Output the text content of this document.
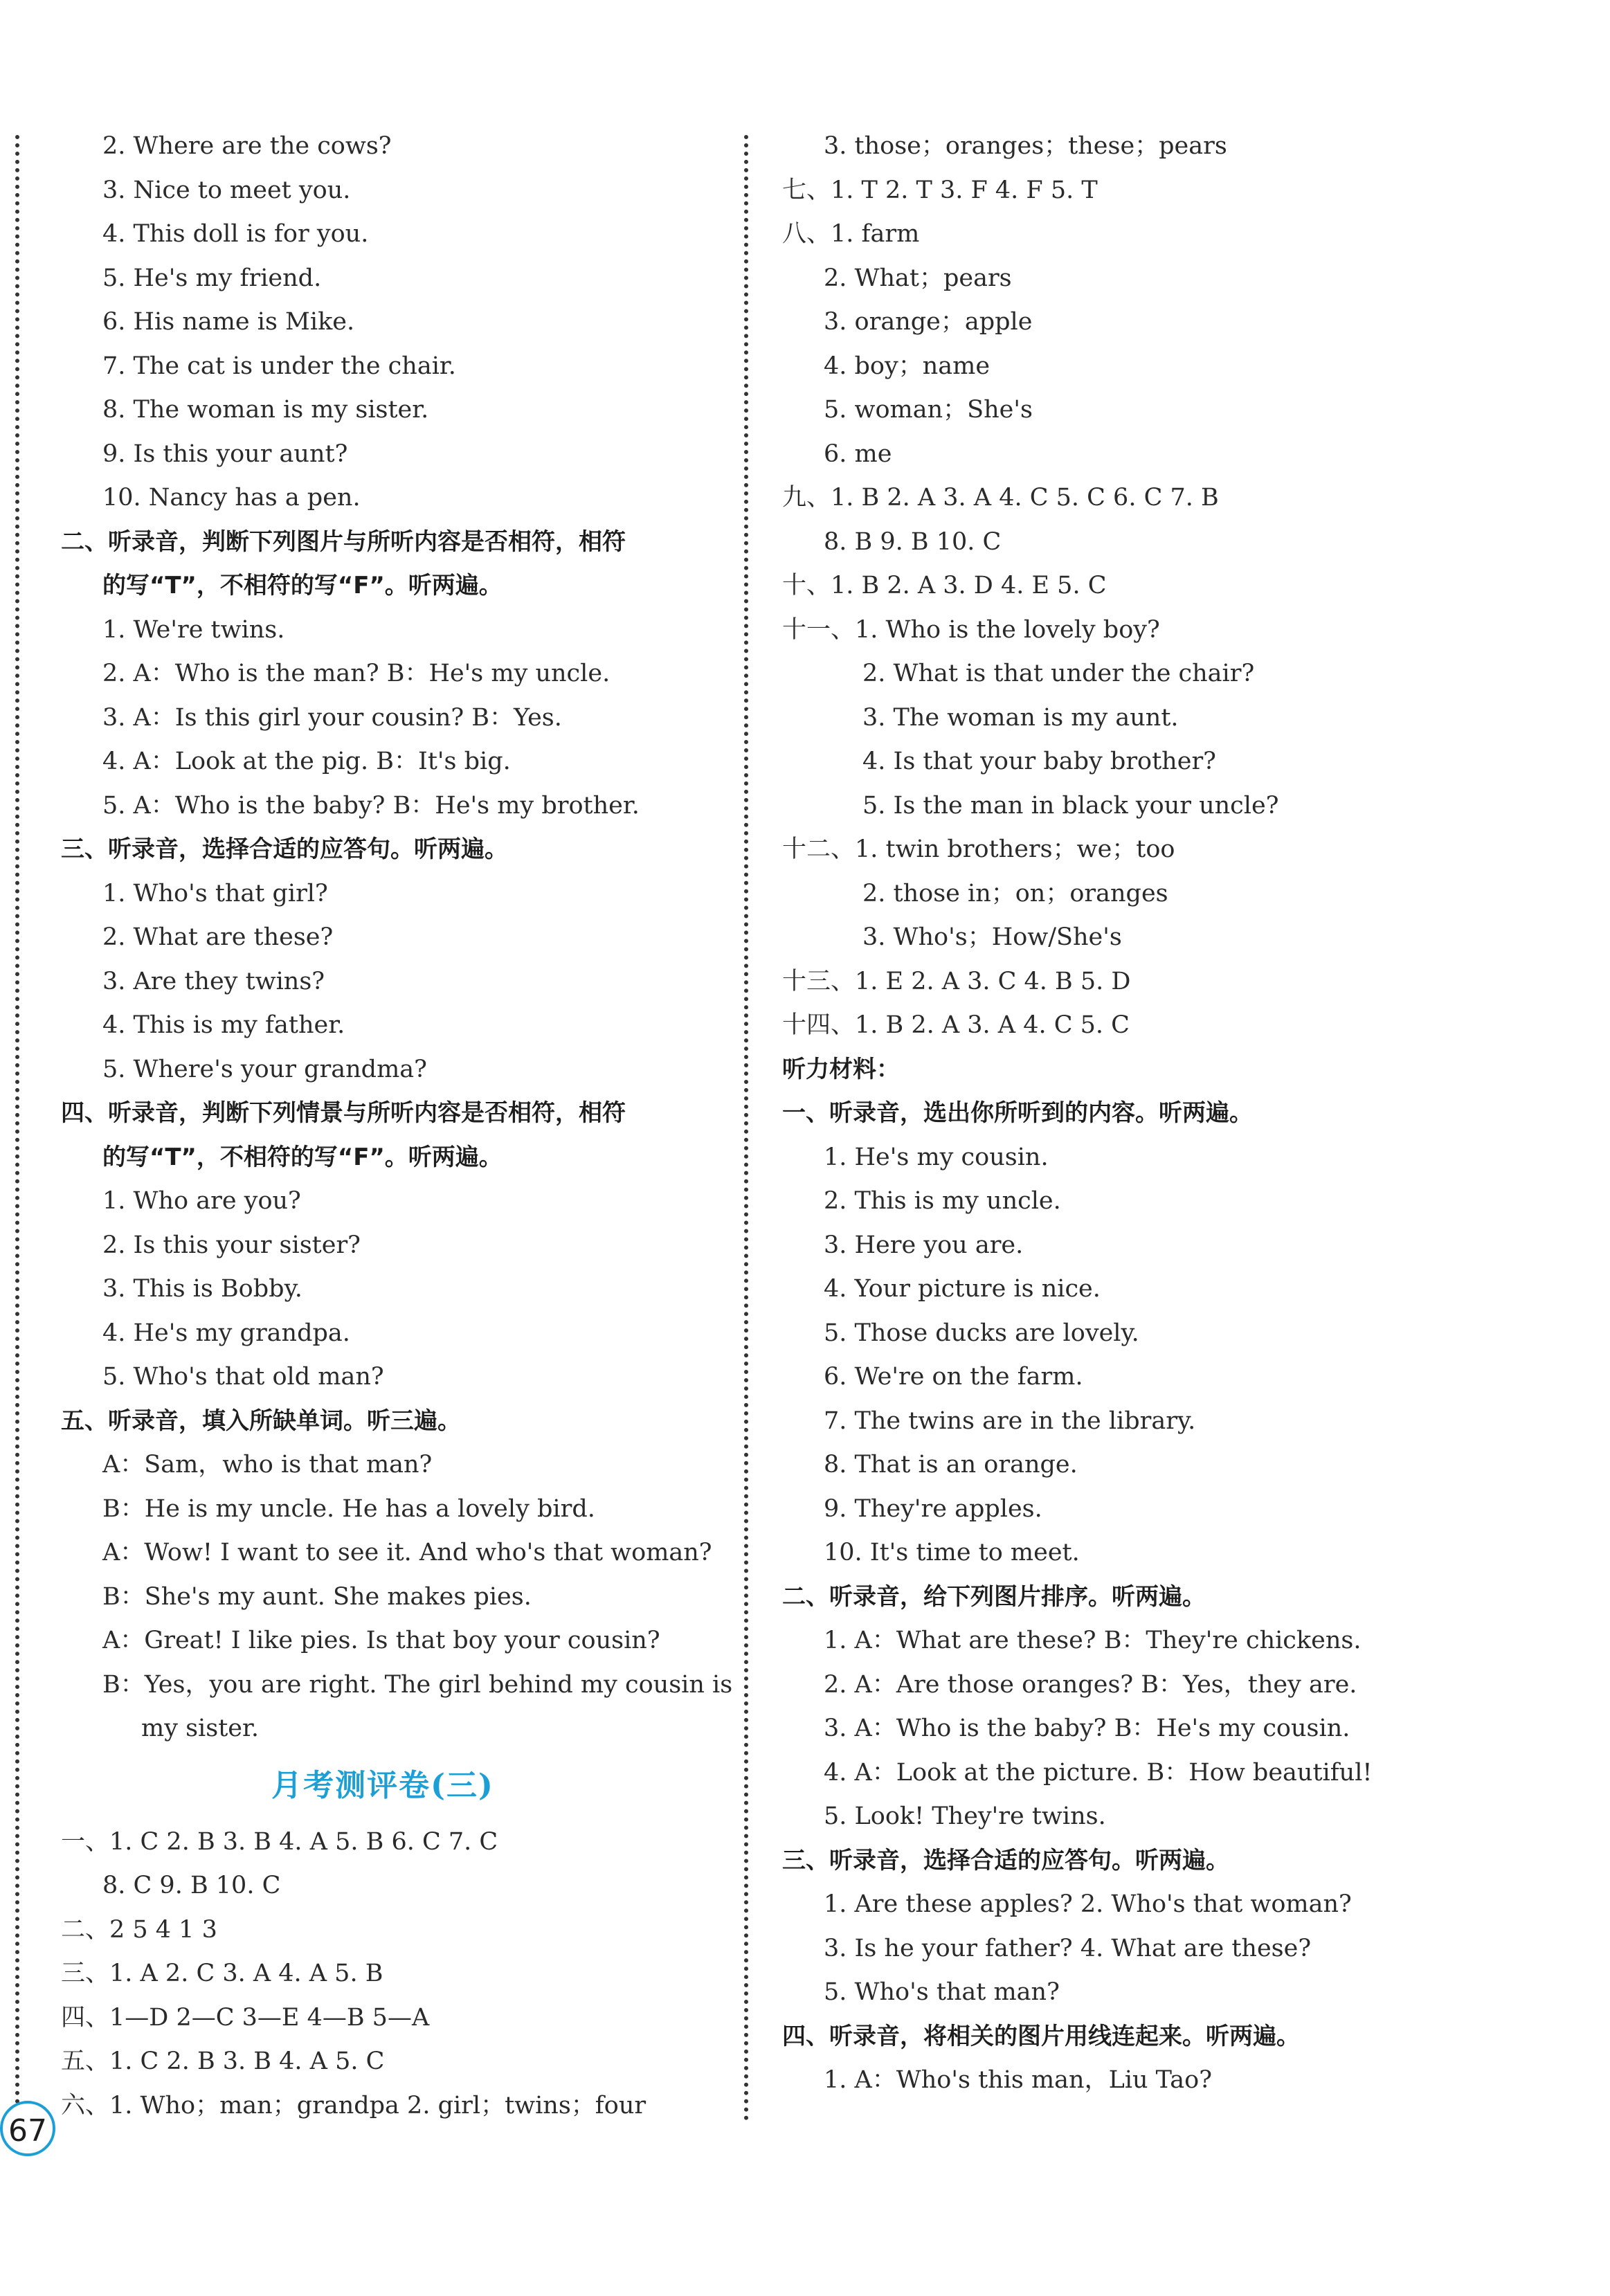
2. Where are the cows?
3. Nice to meet you.
4. This doll is for you.
5. He's my friend.
6. His name is Mike.
7. The cat is under the chair.
8. The woman is my sister.
9. Is this your aunt?
10. Nancy has a pen.
二、听录音，判断下列图片与所听内容是否相符，相符
的写“T”，不相符的写“F”。听两遍。
1. We're twins.
2. A：Who is the man? B：He's my uncle.
3. A：Is this girl your cousin? B：Yes.
4. A：Look at the pig. B：It's big.
5. A：Who is the baby? B：He's my brother.
三、听录音，选择合适的应答句。听两遍。
1. Who's that girl?
2. What are these?
3. Are they twins?
4. This is my father.
5. Where's your grandma?
四、听录音，判断下列情景与所听内容是否相符，相符
的写“T”，不相符的写“F”。听两遍。
1. Who are you?
2. Is this your sister?
3. This is Bobby.
4. He's my grandpa.
5. Who's that old man?
五、听录音，填入所缺单词。听三遍。
A：Sam，who is that man?
B：He is my uncle. He has a lovely bird.
A：Wow! I want to see it. And who's that woman?
B：She's my aunt. She makes pies.
A：Great! I like pies. Is that boy your cousin?
B：Yes，you are right. The girl behind my cousin is
my sister.
月考测评卷(三)
一、1. C 2. B 3. B 4. A 5. B 6. C 7. C
8. C 9. B 10. C
二、2 5 4 1 3
三、1. A 2. C 3. A 4. A 5. B
四、1—D 2—C 3—E 4—B 5—A
五、1. C 2. B 3. B 4. A 5. C
六、1. Who；man；grandpa 2. girl；twins；four
3. those；oranges；these；pears
七、1. T 2. T 3. F 4. F 5. T
八、1. farm
2. What；pears
3. orange；apple
4. boy；name
5. woman；She's
6. me
九、1. B 2. A 3. A 4. C 5. C 6. C 7. B
8. B 9. B 10. C
十、1. B 2. A 3. D 4. E 5. C
十一、1. Who is the lovely boy?
2. What is that under the chair?
3. The woman is my aunt.
4. Is that your baby brother?
5. Is the man in black your uncle?
十二、1. twin brothers；we；too
2. those in；on；oranges
3. Who's；How/She's
十三、1. E 2. A 3. C 4. B 5. D
十四、1. B 2. A 3. A 4. C 5. C
听力材料：
一、听录音，选出你所听到的内容。听两遍。
1. He's my cousin.
2. This is my uncle.
3. Here you are.
4. Your picture is nice.
5. Those ducks are lovely.
6. We're on the farm.
7. The twins are in the library.
8. That is an orange.
9. They're apples.
10. It's time to meet.
二、听录音，给下列图片排序。听两遍。
1. A：What are these? B：They're chickens.
2. A：Are those oranges? B：Yes，they are.
3. A：Who is the baby? B：He's my cousin.
4. A：Look at the picture. B：How beautiful!
5. Look! They're twins.
三、听录音，选择合适的应答句。听两遍。
1. Are these apples? 2. Who's that woman?
3. Is he your father? 4. What are these?
5. Who's that man?
四、听录音，将相关的图片用线连起来。听两遍。
1. A：Who's this man，Liu Tao?
67
